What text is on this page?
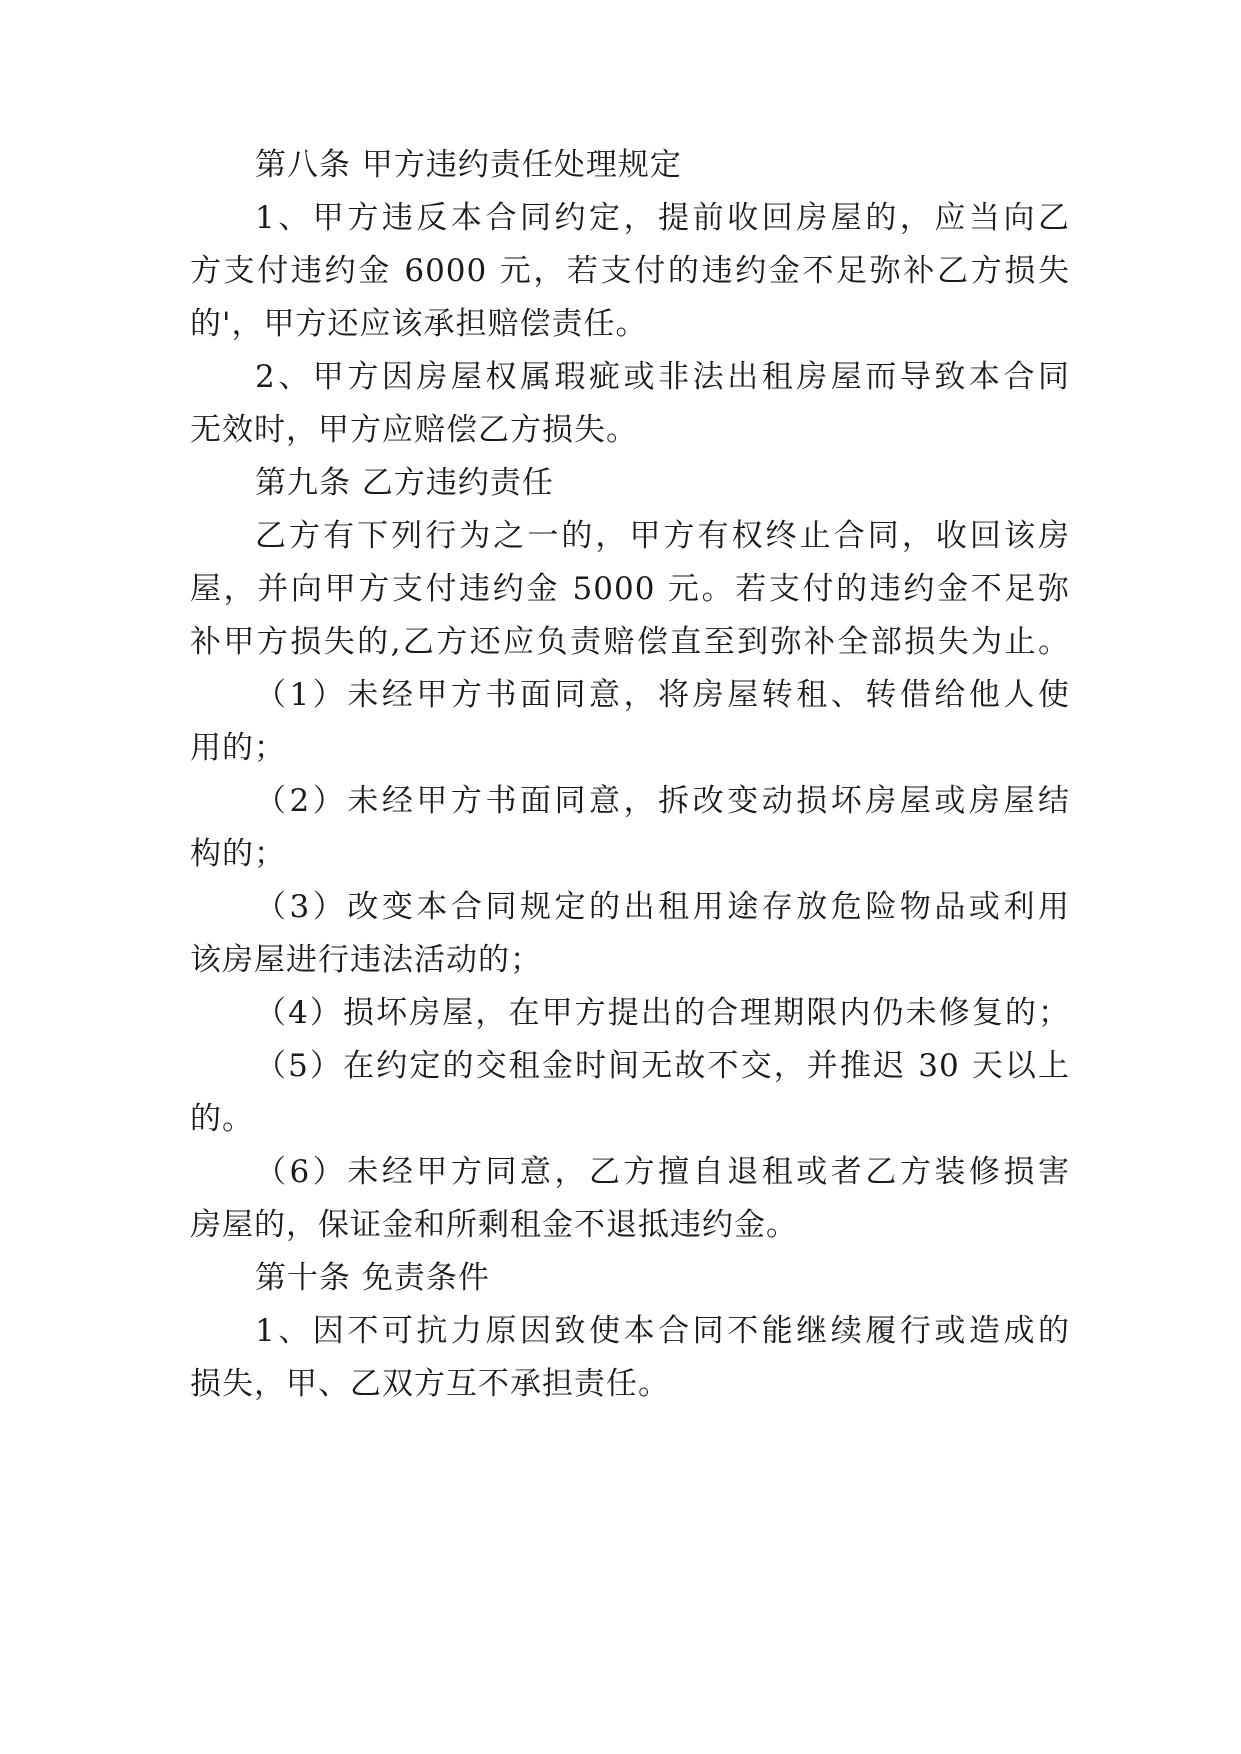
第八条 甲方违约责任处理规定
1、甲方违反本合同约定，提前收回房屋的，应当向乙
方支付违约金 6000 元，若支付的违约金不足弥补乙方损失
的'，甲方还应该承担赔偿责任。
2、甲方因房屋权属瑕疵或非法出租房屋而导致本合同
无效时，甲方应赔偿乙方损失。
第九条 乙方违约责任
乙方有下列行为之一的，甲方有权终止合同，收回该房
屋，并向甲方支付违约金 5000 元。若支付的违约金不足弥
补甲方损失的,乙方还应负责赔偿直至到弥补全部损失为止。
（1）未经甲方书面同意，将房屋转租、转借给他人使
用的；
（2）未经甲方书面同意，拆改变动损坏房屋或房屋结
构的；
（3）改变本合同规定的出租用途存放危险物品或利用
该房屋进行违法活动的；
（4）损坏房屋，在甲方提出的合理期限内仍未修复的；
（5）在约定的交租金时间无故不交，并推迟 30 天以上
的。
（6）未经甲方同意，乙方擅自退租或者乙方装修损害
房屋的，保证金和所剩租金不退抵违约金。
第十条 免责条件
1、因不可抗力原因致使本合同不能继续履行或造成的
损失，甲、乙双方互不承担责任。
